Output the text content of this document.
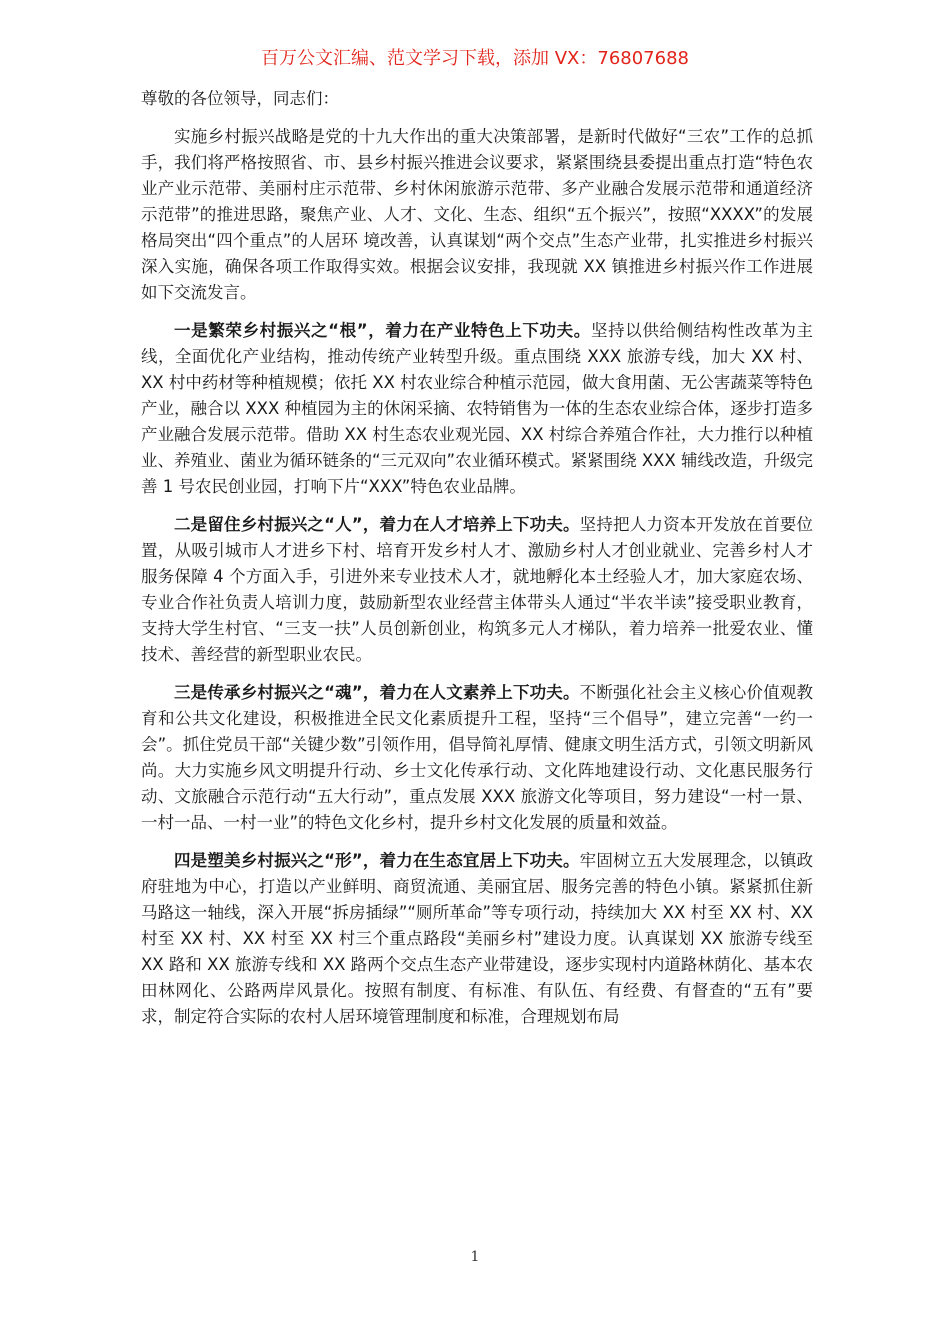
百万公文汇编、范文学习下载，添加 VX：76807688
尊敬的各位领导，同志们：

实施乡村振兴战略是党的十九大作出的重大决策部署，是新时代做好“三农”工作的总抓手，我们将严格按照省、市、县乡村振兴推进会议要求，紧紧围绕县委提出重点打造“特色农业产业示范带、美丽村庄示范带、乡村休闲旅游示范带、多产业融合发展示范带和通道经济示范带”的推进思路，聚焦产业、人才、文化、生态、组织“五个振兴”，按照“XXXX”的发展格局突出“四个重点”的人居环 境改善，认真谋划“两个交点”生态产业带，扎实推进乡村振兴深入实施，确保各项工作取得实效。根据会议安排，我现就 XX 镇推进乡村振兴作工作进展如下交流发言。

一是繁荣乡村振兴之“根”，着力在产业特色上下功夫。坚持以供给侧结构性改革为主线，全面优化产业结构，推动传统产业转型升级。重点围绕 XXX 旅游专线，加大 XX 村、XX 村中药材等种植规模；依托 XX 村农业综合种植示范园，做大食用菌、无公害蔬菜等特色产业，融合以 XXX 种植园为主的休闲采摘、农特销售为一体的生态农业综合体，逐步打造多产业融合发展示范带。借助 XX 村生态农业观光园、XX 村综合养殖合作社，大力推行以种植业、养殖业、菌业为循环链条的“三元双向”农业循环模式。紧紧围绕 XXX 辅线改造，升级完善 1 号农民创业园，打响下片“XXX”特色农业品牌。

二是留住乡村振兴之“人”，着力在人才培养上下功夫。坚持把人力资本开发放在首要位置，从吸引城市人才进乡下村、培育开发乡村人才、激励乡村人才创业就业、完善乡村人才服务保障 4 个方面入手，引进外来专业技术人才，就地孵化本土经验人才，加大家庭农场、专业合作社负责人培训力度，鼓励新型农业经营主体带头人通过“半农半读”接受职业教育，支持大学生村官、“三支一扶”人员创新创业，构筑多元人才梯队，着力培养一批爱农业、懂技术、善经营的新型职业农民。

三是传承乡村振兴之“魂”，着力在人文素养上下功夫。不断强化社会主义核心价值观教育和公共文化建设，积极推进全民文化素质提升工程，坚持“三个倡导”，建立完善“一约一会”。抓住党员干部“关键少数”引领作用，倡导简礼厚情、健康文明生活方式，引领文明新风尚。大力实施乡风文明提升行动、乡士文化传承行动、文化阵地建设行动、文化惠民服务行动、文旅融合示范行动“五大行动”，重点发展 XXX 旅游文化等项目，努力建设“一村一景、一村一品、一村一业”的特色文化乡村，提升乡村文化发展的质量和效益。

四是塑美乡村振兴之“形”，着力在生态宜居上下功夫。牢固树立五大发展理念，以镇政府驻地为中心，打造以产业鲜明、商贸流通、美丽宜居、服务完善的特色小镇。紧紧抓住新马路这一轴线，深入开展“拆房插绿”“厕所革命”等专项行动，持续加大 XX 村至 XX 村、XX 村至 XX 村、XX 村至 XX 村三个重点路段“美丽乡村”建设力度。认真谋划 XX 旅游专线至 XX 路和 XX 旅游专线和 XX 路两个交点生态产业带建设，逐步实现村内道路林荫化、基本农田林网化、公路两岸风景化。按照有制度、有标准、有队伍、有经费、有督查的“五有”要求，制定符合实际的农村人居环境管理制度和标准，合理规划布局

1
